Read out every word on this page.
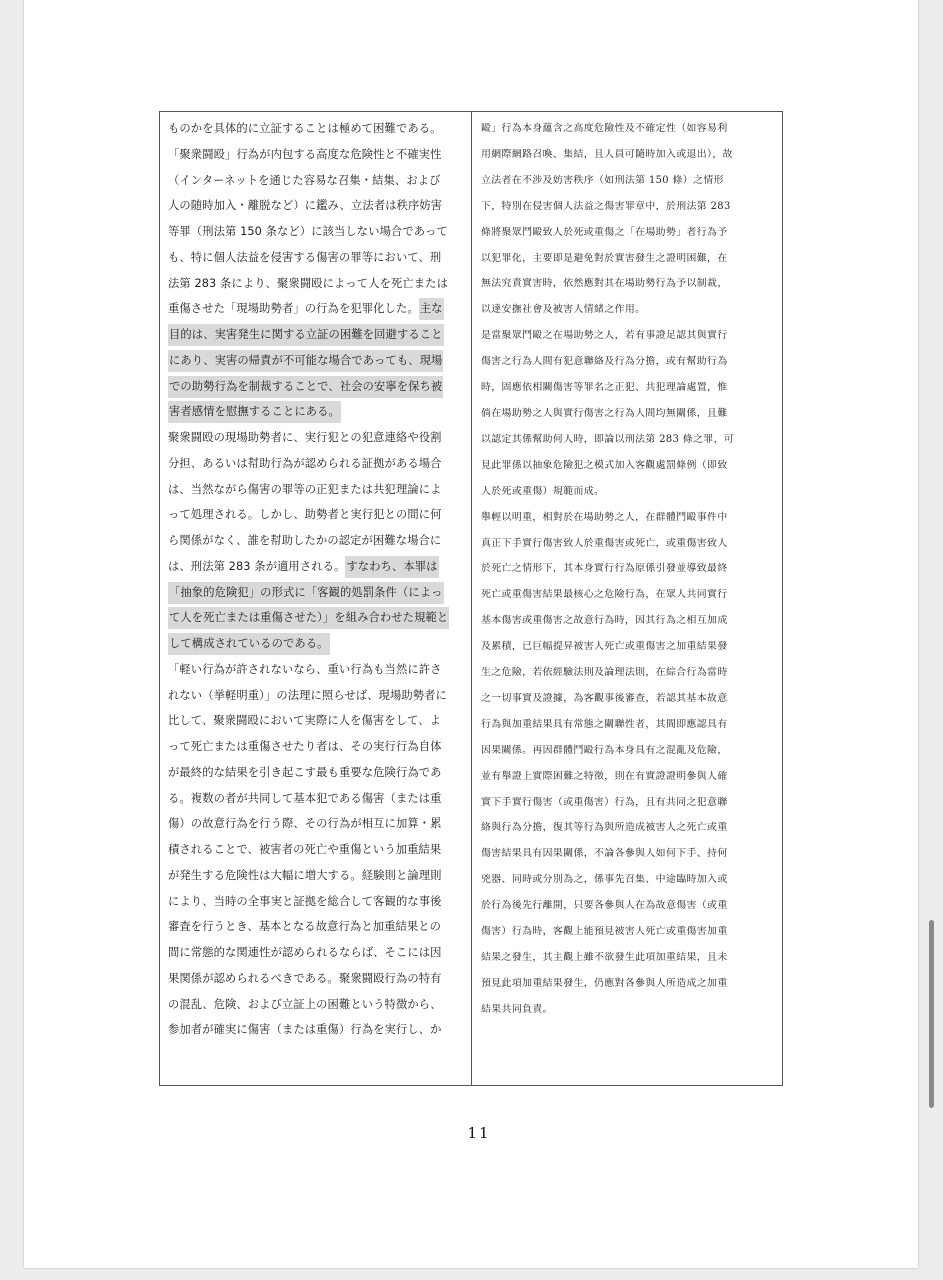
ものかを具体的に立証することは極めて困難である。
「聚衆闘殴」行為が内包する高度な危険性と不確実性
（インターネットを通じた容易な召集・結集、および
人の随時加入・離脱など）に鑑み、立法者は秩序妨害
等罪（刑法第 150 条など）に該当しない場合であって
も、特に個人法益を侵害する傷害の罪等において、刑
法第 283 条により、聚衆闘殴によって人を死亡または
重傷させた「現場助勢者」の行為を犯罪化した。主な
目的は、実害発生に関する立証の困難を回避すること
にあり、実害の帰責が不可能な場合であっても、現場
での助勢行為を制裁することで、社会の安寧を保ち被
害者感情を慰撫することにある。
聚衆闘殴の現場助勢者に、実行犯との犯意連絡や役割
分担、あるいは幇助行為が認められる証拠がある場合
は、当然ながら傷害の罪等の正犯または共犯理論によ
って処理される。しかし、助勢者と実行犯との間に何
ら関係がなく、誰を幇助したかの認定が困難な場合に
は、刑法第 283 条が適用される。すなわち、本罪は
「抽象的危険犯」の形式に「客観的処罰条件（によっ
て人を死亡または重傷させた）」を組み合わせた規範と
して構成されているのである。
「軽い行為が許されないなら、重い行為も当然に許さ
れない（挙軽明重）」の法理に照らせば、現場助勢者に
比して、聚衆闘殴において実際に人を傷害をして、よ
って死亡または重傷させたり者は、その実行行為自体
が最終的な結果を引き起こす最も重要な危険行為であ
る。複数の者が共同して基本犯である傷害（または重
傷）の故意行為を行う際、その行為が相互に加算・累
積されることで、被害者の死亡や重傷という加重結果
が発生する危険性は大幅に増大する。経験則と論理則
により、当時の全事実と証拠を総合して客観的な事後
審査を行うとき、基本となる故意行為と加重結果との
間に常態的な関連性が認められるならば、そこには因
果関係が認められるべきである。聚衆闘殴行為の特有
の混乱、危険、および立証上の困難という特徴から、
参加者が確実に傷害（または重傷）行為を実行し、か
毆」行為本身蘊含之高度危險性及不確定性（如容易利
用網際網路召喚、集結，且人員可隨時加入或退出），故
立法者在不涉及妨害秩序（如刑法第 150 條）之情形
下，特別在侵害個人法益之傷害罪章中，於刑法第 283
條將聚眾鬥毆致人於死或重傷之「在場助勢」者行為予
以犯罪化，主要即是避免對於實害發生之證明困難，在
無法究責實害時，依然應對其在場助勢行為予以制裁，
以達安撫社會及被害人情緒之作用。
是當聚眾鬥毆之在場助勢之人，若有事證足認其與實行
傷害之行為人間有犯意聯絡及行為分擔，或有幫助行為
時，固應依相關傷害等罪名之正犯、共犯理論處置，惟
倘在場助勢之人與實行傷害之行為人間均無關係，且難
以認定其係幫助何人時，即論以刑法第 283 條之罪，可
見此罪係以抽象危險犯之模式加入客觀處罰條例（即致
人於死或重傷）規範而成。
舉輕以明重，相對於在場助勢之人，在群體鬥毆事件中
真正下手實行傷害致人於重傷害或死亡，或重傷害致人
於死亡之情形下，其本身實行行為原係引發並導致最終
死亡或重傷害結果最核心之危險行為，在眾人共同實行
基本傷害或重傷害之故意行為時，因其行為之相互加成
及累積，已巨幅提昇被害人死亡或重傷害之加重結果發
生之危險，若依經驗法則及論理法則，在綜合行為當時
之一切事實及證據，為客觀事後審查，若認其基本故意
行為與加重結果具有常態之關聯性者，其間即應認具有
因果關係。再因群體鬥毆行為本身具有之混亂及危險，
並有舉證上實際困難之特徵，則在有實證證明參與人確
實下手實行傷害（或重傷害）行為，且有共同之犯意聯
絡與行為分擔，復其等行為與所造成被害人之死亡或重
傷害結果具有因果關係，不論各參與人如何下手、持何
兇器、同時或分別為之，係事先召集、中途臨時加入或
於行為後先行離開，只要各參與人在為故意傷害（或重
傷害）行為時，客觀上能預見被害人死亡或重傷害加重
結果之發生，其主觀上雖不欲發生此項加重結果，且未
預見此項加重結果發生，仍應對各參與人所造成之加重
結果共同負責。
11
